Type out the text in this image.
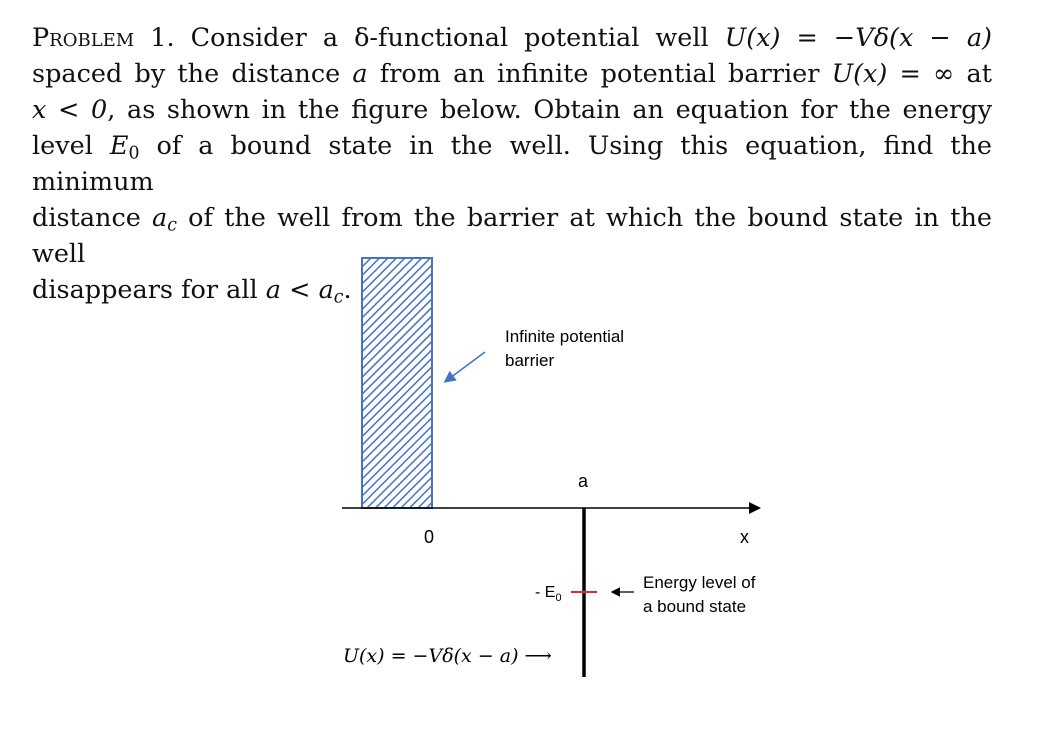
Problem 1. Consider a δ-functional potential well U(x) = −Vδ(x − a)
spaced by the distance a from an infinite potential barrier U(x) = ∞ at
x < 0, as shown in the figure below. Obtain an equation for the energy
level $E_0$ of a bound state in the well. Using this equation, find the minimum
distance $a_c$ of the well from the barrier at which the bound state in the well
disappears for all $a < a_c$.
Infinite potential
barrier
x
0
a
- $E_0$
Energy level of
a bound state
U(x) = −Vδ(x − a) ⟶
